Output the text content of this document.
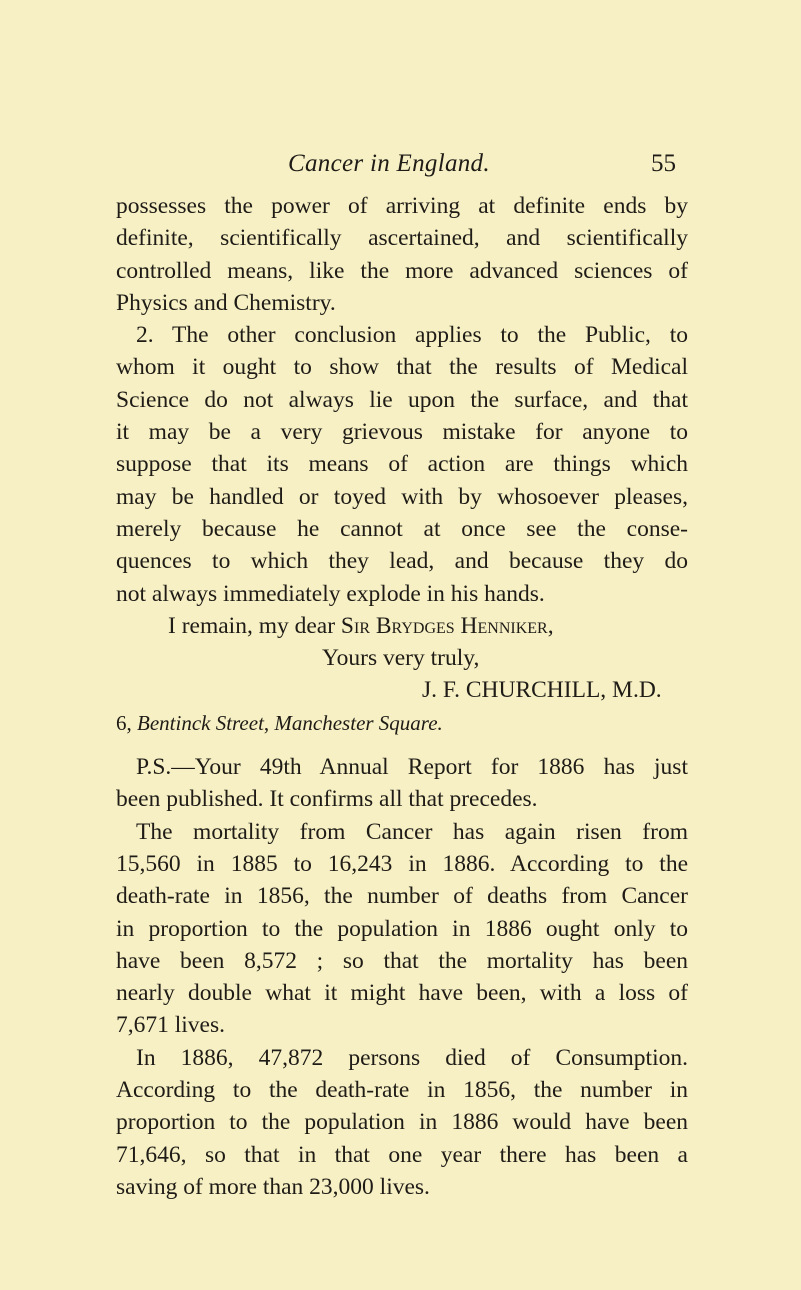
Cancer in England.	55
possesses the power of arriving at definite ends by
definite, scientifically ascertained, and scientifically
controlled means, like the more advanced sciences of
Physics and Chemistry.
2. The other conclusion applies to the Public, to
whom it ought to show that the results of Medical
Science do not always lie upon the surface, and that
it may be a very grievous mistake for anyone to
suppose that its means of action are things which
may be handled or toyed with by whosoever pleases,
merely because he cannot at once see the conse-
quences to which they lead, and because they do
not always immediately explode in his hands.
I remain, my dear Sir Brydges Henniker,
Yours very truly,
J. F. CHURCHILL, M.D.
6, Bentinck Street, Manchester Square.
P.S.—Your 49th Annual Report for 1886 has just
been published. It confirms all that precedes.
The mortality from Cancer has again risen from
15,560 in 1885 to 16,243 in 1886. According to the
death-rate in 1856, the number of deaths from Cancer
in proportion to the population in 1886 ought only to
have been 8,572 ; so that the mortality has been
nearly double what it might have been, with a loss of
7,671 lives.
In 1886, 47,872 persons died of Consumption.
According to the death-rate in 1856, the number in
proportion to the population in 1886 would have been
71,646, so that in that one year there has been a
saving of more than 23,000 lives.
